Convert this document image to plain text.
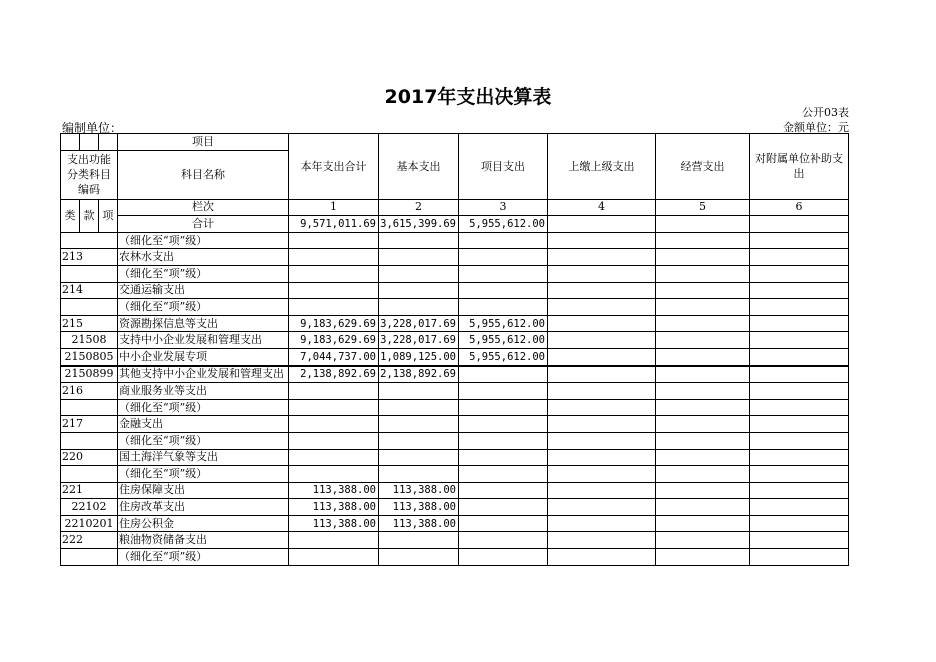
2017年支出决算表
公开03表
编制单位：	金额单位：元
			项目	本年支出合计	基本支出	项目支出	上缴上级支出	经营支出	对附属单位补助支出
支出功能分类科目编码			科目名称						

类	款	项	栏次	1	2	3	4	5	6
			合计	9,571,011.69	3,615,399.69	5,955,612.00			
			（细化至“项”级）						
213			农林水支出						
			（细化至“项”级）						
214			交通运输支出						
			（细化至“项”级）						
215			资源勘探信息等支出	9,183,629.69	3,228,017.69	5,955,612.00			
21508			支持中小企业发展和管理支出	9,183,629.69	3,228,017.69	5,955,612.00			
2150805			中小企业发展专项	7,044,737.00	1,089,125.00	5,955,612.00			
2150899			其他支持中小企业发展和管理支出	2,138,892.69	2,138,892.69				
216			商业服务业等支出						
			（细化至“项”级）						
217			金融支出						
			（细化至“项”级）						
220			国土海洋气象等支出						
			（细化至“项”级）						
221			住房保障支出	113,388.00	113,388.00				
22102			住房改革支出	113,388.00	113,388.00				
2210201			住房公积金	113,388.00	113,388.00				
222			粮油物资储备支出						
			（细化至“项”级）						
